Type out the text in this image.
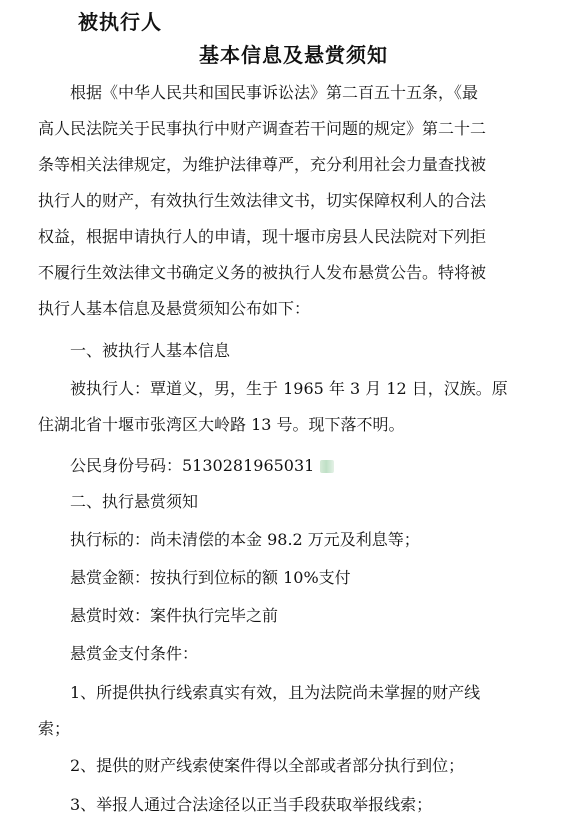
被执行人
基本信息及悬赏须知
根据《中华人民共和国民事诉讼法》第二百五十五条，《最
高人民法院关于民事执行中财产调查若干问题的规定》第二十二
条等相关法律规定，为维护法律尊严，充分利用社会力量查找被
执行人的财产，有效执行生效法律文书，切实保障权利人的合法
权益，根据申请执行人的申请，现十堰市房县人民法院对下列拒
不履行生效法律文书确定义务的被执行人发布悬赏公告。特将被
执行人基本信息及悬赏须知公布如下：
一、被执行人基本信息
被执行人：覃道义，男，生于 1965 年 3 月 12 日，汉族。原
住湖北省十堰市张湾区大岭路 13 号。现下落不明。
公民身份号码：5130281965031
二、执行悬赏须知
执行标的：尚未清偿的本金 98.2 万元及利息等；
悬赏金额：按执行到位标的额 10%支付
悬赏时效：案件执行完毕之前
悬赏金支付条件：
1、所提供执行线索真实有效，且为法院尚未掌握的财产线
索；
2、提供的财产线索使案件得以全部或者部分执行到位；
3、举报人通过合法途径以正当手段获取举报线索；
